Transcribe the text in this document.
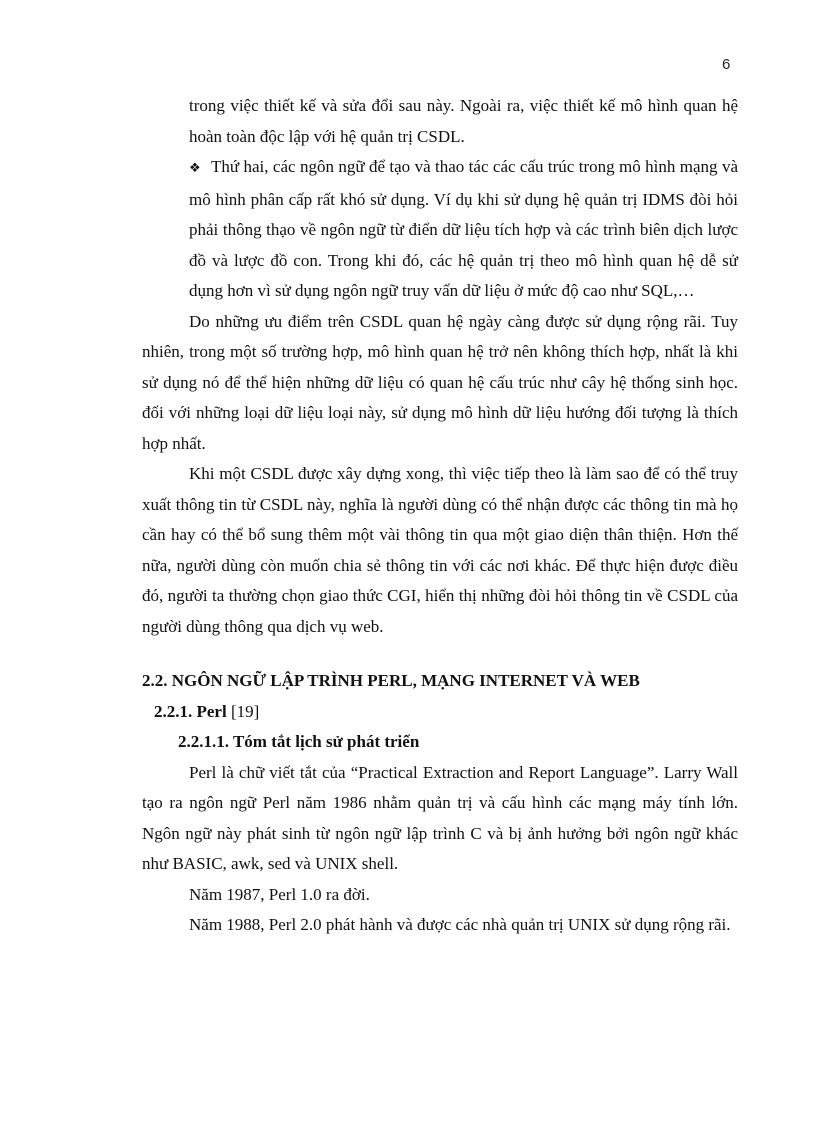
6

trong việc thiết kế và sửa đổi sau này. Ngoài ra, việc thiết kế mô hình quan hệ hoàn toàn độc lập với hệ quản trị CSDL.

❖ Thứ hai, các ngôn ngữ để tạo và thao tác các cấu trúc trong mô hình mạng và mô hình phân cấp rất khó sử dụng. Ví dụ khi sử dụng hệ quản trị IDMS đòi hỏi phải thông thạo về ngôn ngữ từ điển dữ liệu tích hợp và các trình biên dịch lược đồ và lược đồ con. Trong khi đó, các hệ quản trị theo mô hình quan hệ dễ sử dụng hơn vì sử dụng ngôn ngữ truy vấn dữ liệu ở mức độ cao như SQL,…

Do những ưu điểm trên CSDL quan hệ ngày càng được sử dụng rộng rãi. Tuy nhiên, trong một số trường hợp, mô hình quan hệ trở nên không thích hợp, nhất là khi sử dụng nó để thể hiện những dữ liệu có quan hệ cấu trúc như cây hệ thống sinh học. đối với những loại dữ liệu loại này, sử dụng mô hình dữ liệu hướng đối tượng là thích hợp nhất.

Khi một CSDL được xây dựng xong, thì việc tiếp theo là làm sao để có thể truy xuất thông tin từ CSDL này, nghĩa là người dùng có thể nhận được các thông tin mà họ cần hay có thể bổ sung thêm một vài thông tin qua một giao diện thân thiện. Hơn thế nữa, người dùng còn muốn chia sẻ thông tin với các nơi khác. Để thực hiện được điều đó, người ta thường chọn giao thức CGI, hiển thị những đòi hỏi thông tin về CSDL của người dùng thông qua dịch vụ web.

2.2. NGÔN NGỮ LẬP TRÌNH PERL, MẠNG INTERNET VÀ WEB

2.2.1. Perl [19]

2.2.1.1. Tóm tắt lịch sử phát triển

Perl là chữ viết tắt của “Practical Extraction and Report Language”. Larry Wall tạo ra ngôn ngữ Perl năm 1986 nhằm quản trị và cấu hình các mạng máy tính lớn. Ngôn ngữ này phát sinh từ ngôn ngữ lập trình C và bị ảnh hưởng bởi ngôn ngữ khác như BASIC, awk, sed và UNIX shell.

Năm 1987, Perl 1.0 ra đời.

Năm 1988, Perl 2.0 phát hành và được các nhà quản trị UNIX sử dụng rộng rãi.
